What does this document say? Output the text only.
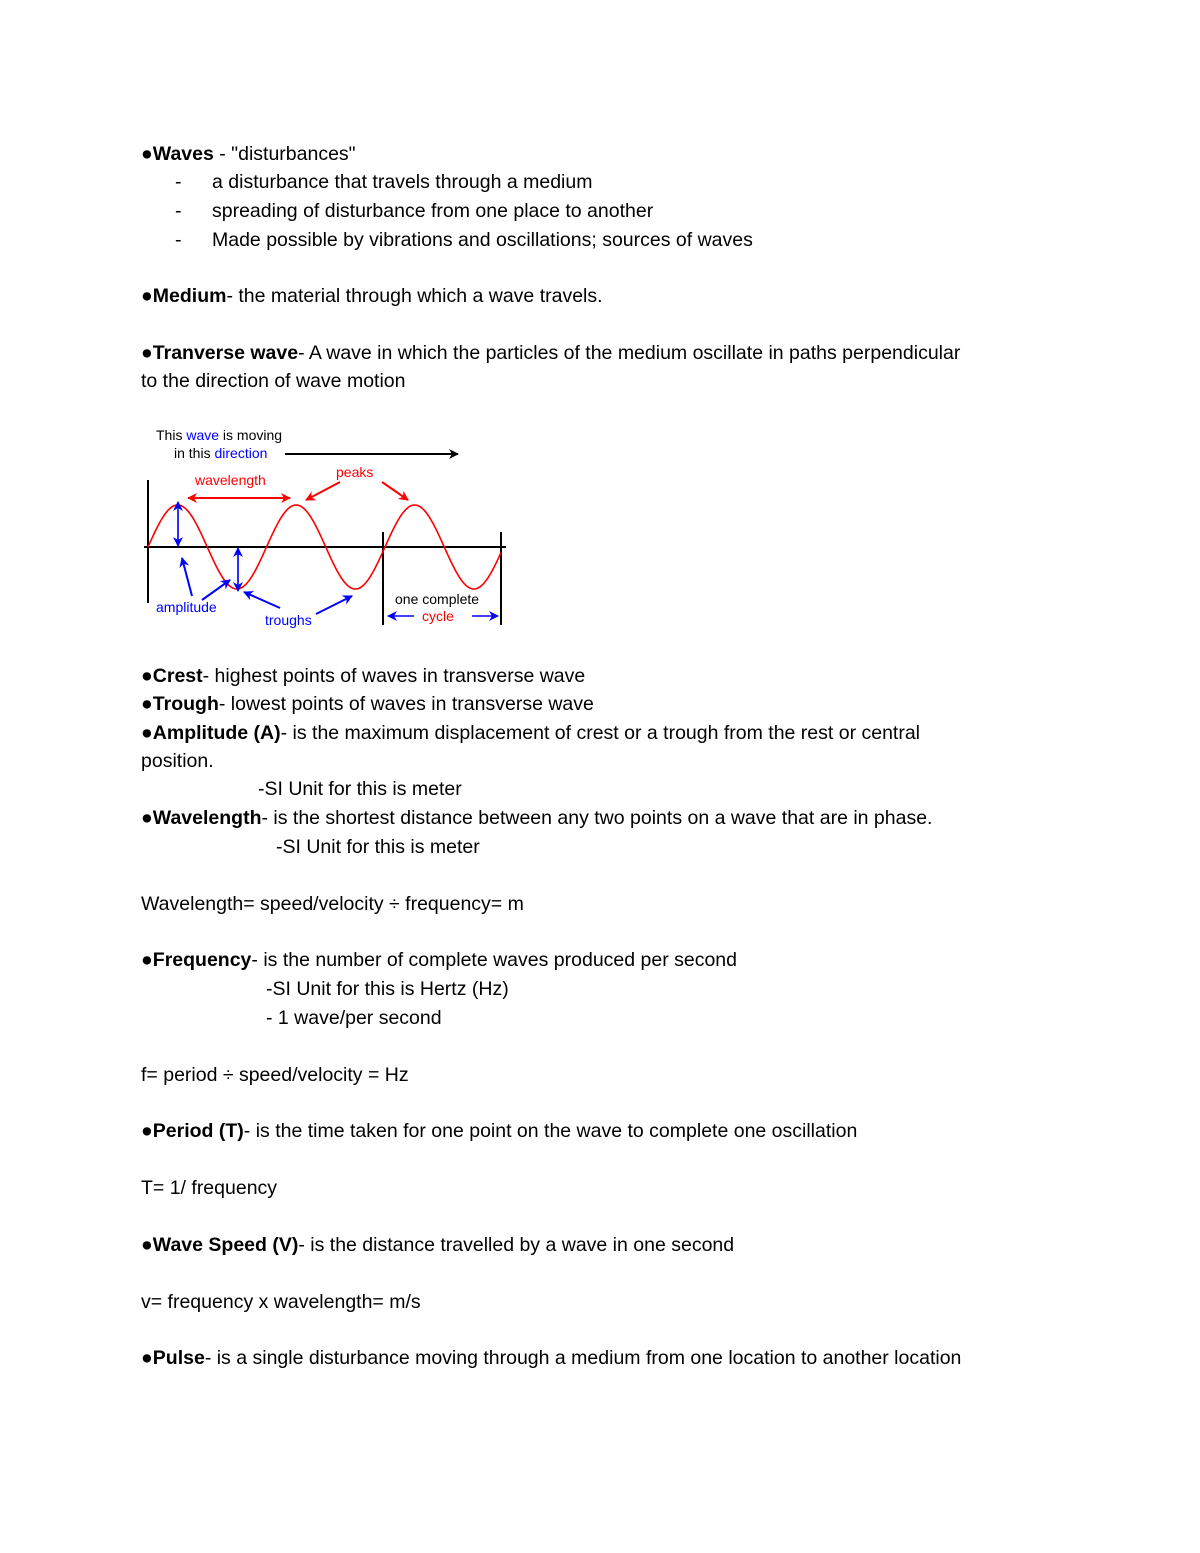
●Waves - "disturbances"
- a disturbance that travels through a medium
- spreading of disturbance from one place to another
- Made possible by vibrations and oscillations; sources of waves
●Medium- the material through which a wave travels.
●Tranverse wave- A wave in which the particles of the medium oscillate in paths perpendicular
to the direction of wave motion
This wave is moving
in this direction
wavelength	peaks
amplitude
troughs
one complete
cycle
●Crest- highest points of waves in transverse wave
●Trough- lowest points of waves in transverse wave
●Amplitude (A)- is the maximum displacement of crest or a trough from the rest or central
position.
-SI Unit for this is meter
●Wavelength- is the shortest distance between any two points on a wave that are in phase.
-SI Unit for this is meter
Wavelength= speed/velocity ÷ frequency= m
●Frequency- is the number of complete waves produced per second
-SI Unit for this is Hertz (Hz)
- 1 wave/per second
f= period ÷ speed/velocity = Hz
●Period (T)- is the time taken for one point on the wave to complete one oscillation
T= 1/ frequency
●Wave Speed (V)- is the distance travelled by a wave in one second
v= frequency x wavelength= m/s
●Pulse- is a single disturbance moving through a medium from one location to another location
